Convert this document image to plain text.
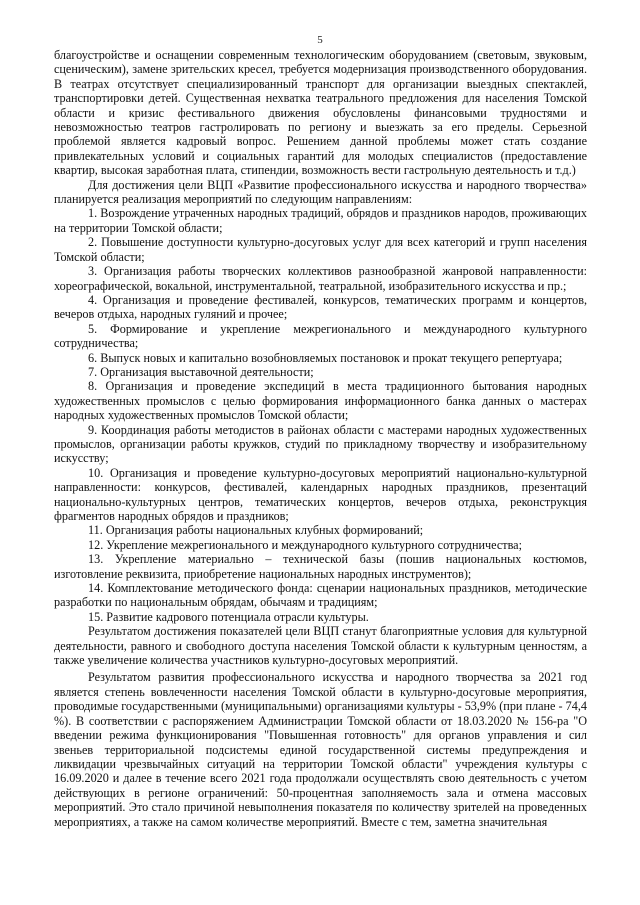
5

благоустройстве и оснащении современным технологическим оборудованием (световым, звуковым, сценическим), замене зрительских кресел, требуется модернизация производственного оборудования. В театрах отсутствует специализированный транспорт для организации выездных спектаклей, транспортировки детей. Существенная нехватка театрального предложения для населения Томской области и кризис фестивального движения обусловлены финансовыми трудностями и невозможностью театров гастролировать по региону и выезжать за его пределы. Серьезной проблемой является кадровый вопрос. Решением данной проблемы может стать создание привлекательных условий и социальных гарантий для молодых специалистов (предоставление квартир, высокая заработная плата, стипендии, возможность вести гастрольную деятельность и т.д.)

Для достижения цели ВЦП «Развитие профессионального искусства и народного творчества» планируется реализация мероприятий по следующим направлениям:

1. Возрождение утраченных народных традиций, обрядов и праздников народов, проживающих на территории Томской области;

2. Повышение доступности культурно-досуговых услуг для всех категорий и групп населения Томской области;

3. Организация работы творческих коллективов разнообразной жанровой направленности: хореографической, вокальной, инструментальной, театральной, изобразительного искусства и пр.;

4. Организация и проведение фестивалей, конкурсов, тематических программ и концертов, вечеров отдыха, народных гуляний и прочее;

5. Формирование и укрепление межрегионального и международного культурного сотрудничества;

6. Выпуск новых и капитально возобновляемых постановок и прокат текущего репертуара;

7. Организация выставочной деятельности;

8. Организация и проведение экспедиций в места традиционного бытования народных художественных промыслов с целью формирования информационного банка данных о мастерах народных художественных промыслов Томской области;

9. Координация работы методистов в районах области с мастерами народных художественных промыслов, организации работы кружков, студий по прикладному творчеству и изобразительному искусству;

10. Организация и проведение культурно-досуговых мероприятий национально-культурной направленности: конкурсов, фестивалей, календарных народных праздников, презентаций национально-культурных центров, тематических концертов, вечеров отдыха, реконструкция фрагментов народных обрядов и праздников;

11. Организация работы национальных клубных формирований;

12. Укрепление межрегионального и международного культурного сотрудничества;

13. Укрепление материально – технической базы (пошив национальных костюмов, изготовление реквизита, приобретение национальных народных инструментов);

14. Комплектование методического фонда: сценарии национальных праздников, методические разработки по национальным обрядам, обычаям и традициям;

15. Развитие кадрового потенциала отрасли культуры.

Результатом достижения показателей цели ВЦП станут благоприятные условия для культурной деятельности, равного и свободного доступа населения Томской области к культурным ценностям, а также увеличение количества участников культурно-досуговых мероприятий.

Результатом развития профессионального искусства и народного творчества за 2021 год является степень вовлеченности населения Томской области в культурно-досуговые мероприятия, проводимые государственными (муниципальными) организациями культуры - 53,9% (при плане - 74,4 %). В соответствии с распоряжением Администрации Томской области от 18.03.2020 № 156-ра "О введении режима функционирования "Повышенная готовность" для органов управления и сил звеньев территориальной подсистемы единой государственной системы предупреждения и ликвидации чрезвычайных ситуаций на территории Томской области" учреждения культуры с 16.09.2020 и далее в течение всего 2021 года продолжали осуществлять свою деятельность с учетом действующих в регионе ограничений: 50-процентная заполняемость зала и отмена массовых мероприятий. Это стало причиной невыполнения показателя по количеству зрителей на проведенных мероприятиях, а также на самом количестве мероприятий. Вместе с тем, заметна значительная
